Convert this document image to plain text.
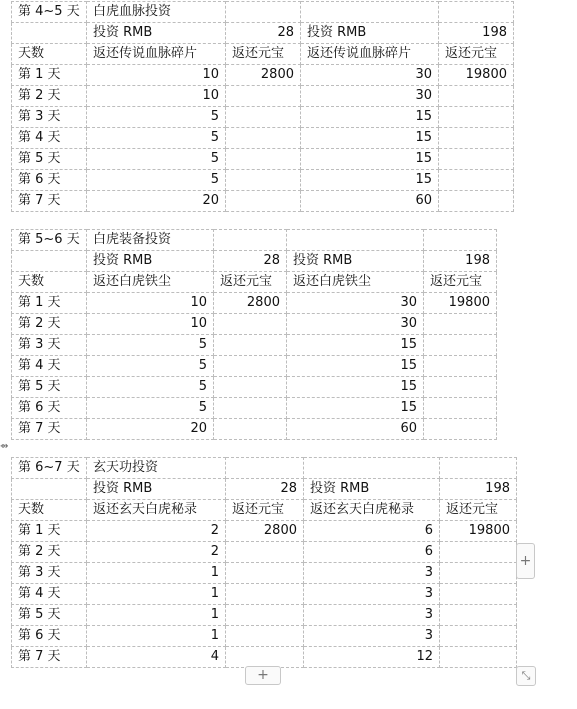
第 4~5 天	白虎血脉投资			
	投资 RMB	28	投资 RMB	198
天数	返还传说血脉碎片	返还元宝	返还传说血脉碎片	返还元宝
第 1 天	10	2800	30	19800
第 2 天	10		30	
第 3 天	5		15	
第 4 天	5		15	
第 5 天	5		15	
第 6 天	5		15	
第 7 天	20		60	
第 5~6 天	白虎装备投资			
	投资 RMB	28	投资 RMB	198
天数	返还白虎铁尘	返还元宝	返还白虎铁尘	返还元宝
第 1 天	10	2800	30	19800
第 2 天	10		30	
第 3 天	5		15	
第 4 天	5		15	
第 5 天	5		15	
第 6 天	5		15	
第 7 天	20		60	
第 6~7 天	玄天功投资			
	投资 RMB	28	投资 RMB	198
天数	返还玄天白虎秘录	返还元宝	返还玄天白虎秘录	返还元宝
第 1 天	2	2800	6	19800
第 2 天	2		6	
第 3 天	1		3	
第 4 天	1		3	
第 5 天	1		3	
第 6 天	1		3	
第 7 天	4		12	
⇴
+
+	⤡
